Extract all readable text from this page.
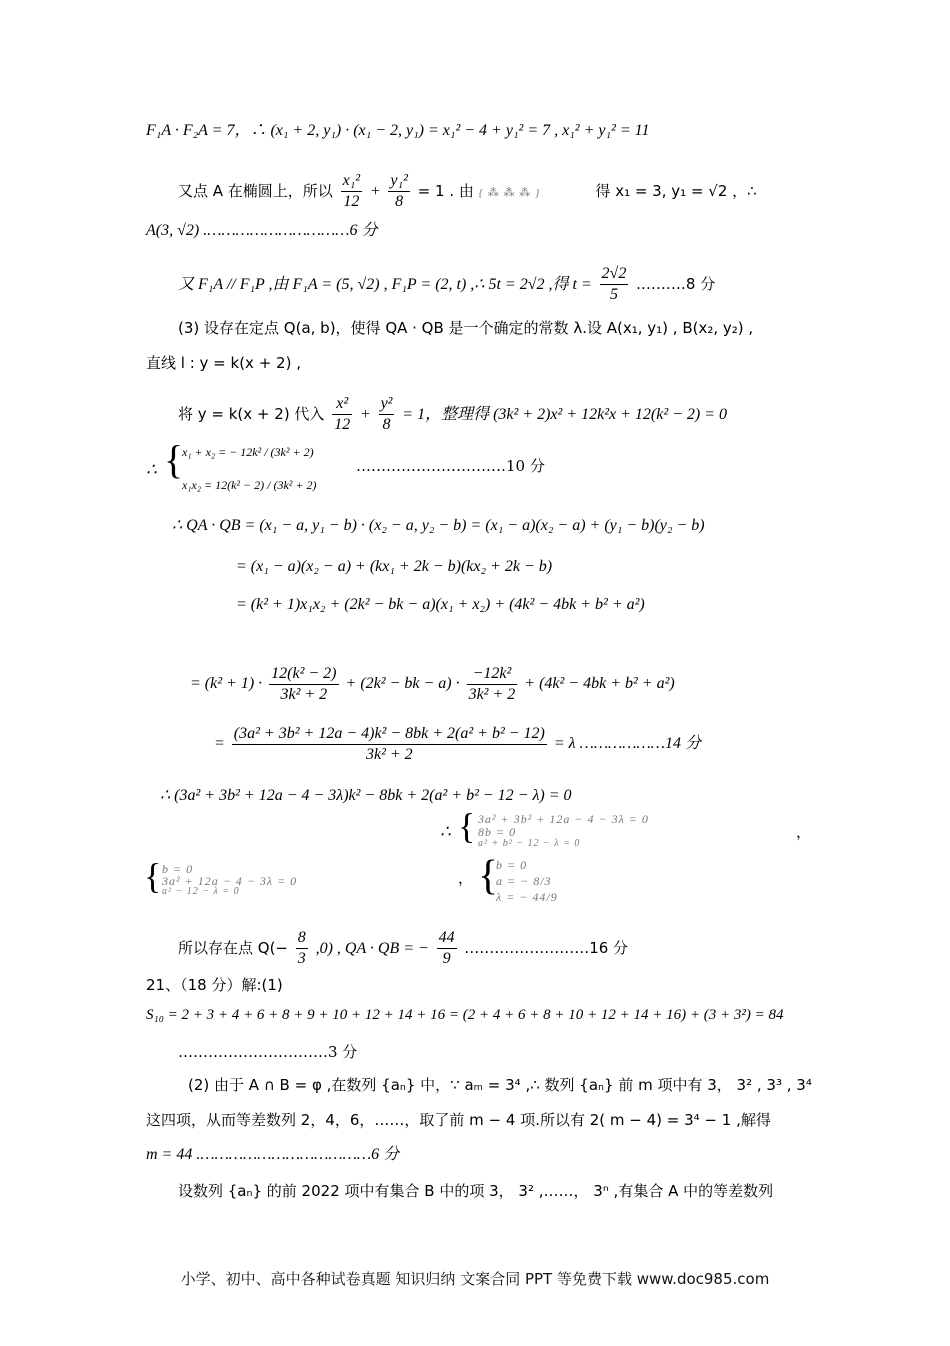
F₁A · F₂A = 7，∴ (x₁ + 2, y₁) · (x₁ − 2, y₁) = x₁² − 4 + y₁² = 7 , x₁² + y₁² = 11
又点 A 在椭圆上，所以 $\frac{\text{x₁²}}{12} + \frac{\text{y₁²}}{8} = 1$ . 由 { ⁂ ⁂ ⁂ }	得 x₁ = 3, y₁ = √2 ，∴
A(3, √2) .…………………………6 分
又 F₁A // F₁P ,由 F₁A = (5, √2) , F₁P = (2, t) ,∴ 5t = 2√2 ,得 $t = \frac{2√2}{5}$ .………8 分
(3) 设存在定点 Q(a, b)，使得 QA · QB 是一个确定的常数 λ.设 A(x₁, y₁) , B(x₂, y₂) ,
直线 l : y = k(x + 2) ,
将 y = k(x + 2) 代入 $\frac{\text{x²}}{12} + \frac{\text{y²}}{8} = 1$，整理得 (3k² + 2)x² + 12k²x + 12(k² − 2) = 0
∴ {
x₁ + x₂ = − 12k² / (3k² + 2)
x₁x₂ = 12(k² − 2) / (3k² + 2)
…………………………10 分
∴ QA · QB = (x₁ − a, y₁ − b) · (x₂ − a, y₂ − b) = (x₁ − a)(x₂ − a) + (y₁ − b)(y₂ − b)
= (x₁ − a)(x₂ − a) + (kx₁ + 2k − b)(kx₂ + 2k − b)
= (k² + 1)x₁x₂ + (2k² − bk − a)(x₁ + x₂) + (4k² − 4bk + b² + a²)
= $(k^2 + 1) \cdot \frac{\text{12(k² − 2)}}{\text{3k² + 2}} + (2k^2$ − bk − $a) \cdot \frac{\text{−12k²}}{\text{3k² + 2}} + (4k^2 - 4bk + b^2 + a^2)$
= $\frac{\text{(3a² + 3b² + 12a − 4)k² − 8bk + 2(a² + b² − 12)}}{\text{3k² + 2}} = \lambda$ ………………14 分
∴ (3a² + 3b² + 12a − 4 − 3λ)k² − 8bk + 2(a² + b² − 12 − λ) = 0
∴ { 3a² + 3b² + 12a − 4 − 3λ = 0
8b = 0
a² + b² − 12 − λ = 0
，
{ b = 0
3a² + 12a − 4 − 3λ = 0
a² − 12 − λ = 0
， {
b = 0
a = − 8/3
λ = − 44/9
所以存在点 $Q(- \frac{8}{3} ,0)$ , QA · QB = − $\frac{44}{9}$ .……………………16 分
21、（18 分）解:(1)
S₁₀ = 2 + 3 + 4 + 6 + 8 + 9 + 10 + 12 + 14 + 16 = (2 + 4 + 6 + 8 + 10 + 12 + 14 + 16) + (3 + 3²) = 84
…………………………3 分
(2) 由于 A ∩ B = φ ,在数列 {aₙ} 中，∵ aₘ = 3⁴ ,∴ 数列 {aₙ} 前 m 项中有 3， 3² , 3³ , 3⁴
这四项，从而等差数列 2，4，6，……，取了前 m − 4 项.所以有 2( m − 4) = 3⁴ − 1 ,解得
m = 44 .………………………………6 分
设数列 {aₙ} 的前 2022 项中有集合 B 中的项 3， 3² ,……， 3ⁿ ,有集合 A 中的等差数列
小学、初中、高中各种试卷真题 知识归纳 文案合同 PPT 等免费下载 www.doc985.com
